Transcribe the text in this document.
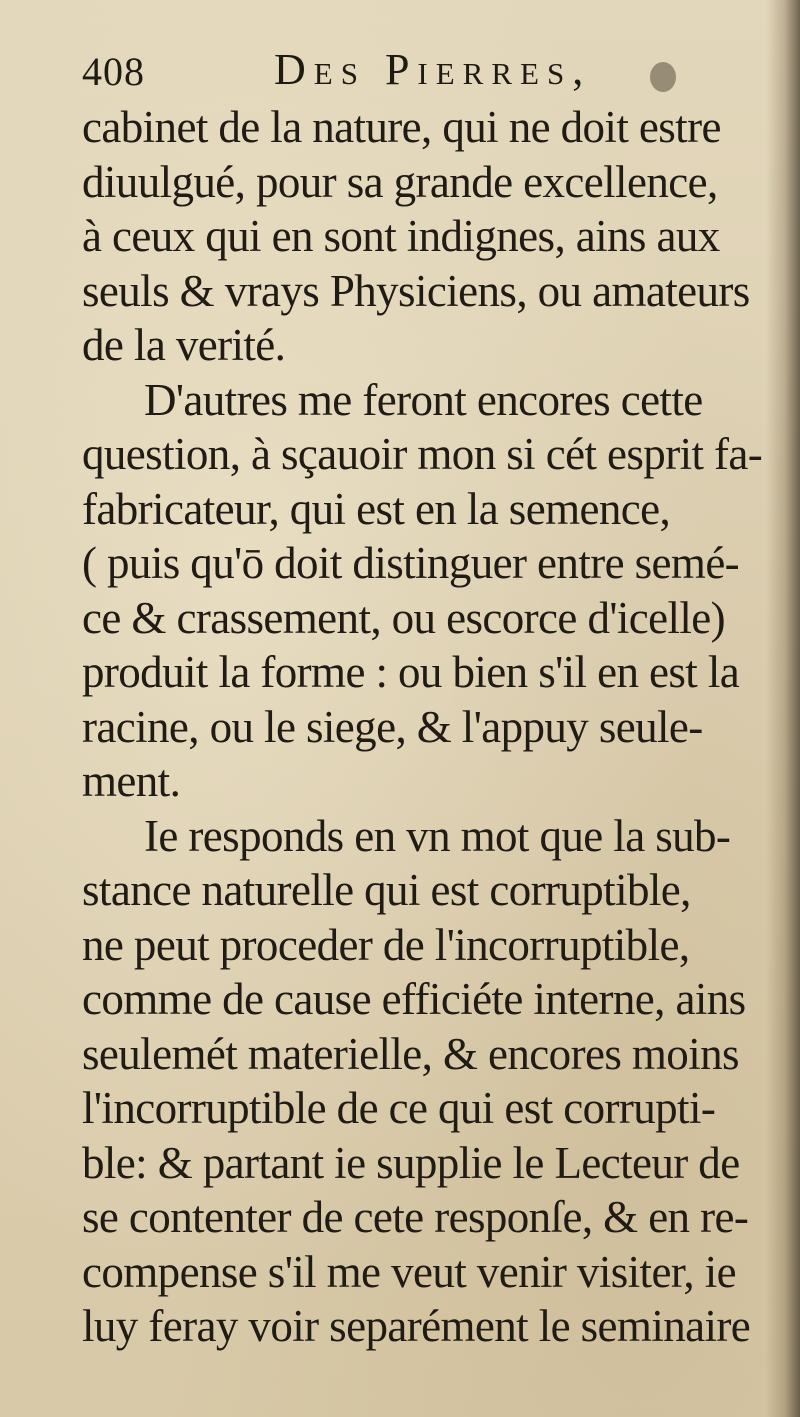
408	Des Pierres,
cabinet de la nature, qui ne doit estre
diuulgué, pour sa grande excellence,
à ceux qui en sont indignes, ains aux
seuls & vrays Physiciens, ou amateurs
de la verité.
D'autres me feront encores cette
question, à sçauoir mon si cét esprit fa-
fabricateur, qui est en la semence,
( puis qu'ō doit distinguer entre semé-
ce & crassement, ou escorce d'icelle)
produit la forme : ou bien s'il en est la
racine, ou le siege, & l'appuy seule-
ment.
Ie responds en vn mot que la sub-
stance naturelle qui est corruptible,
ne peut proceder de l'incorruptible,
comme de cause efficiéte interne, ains
seulemét materielle, & encores moins
l'incorruptible de ce qui est corrupti-
ble: & partant ie supplie le Lecteur de
se contenter de cete responſe, & en re-
compense s'il me veut venir visiter, ie
luy feray voir separément le seminaire
